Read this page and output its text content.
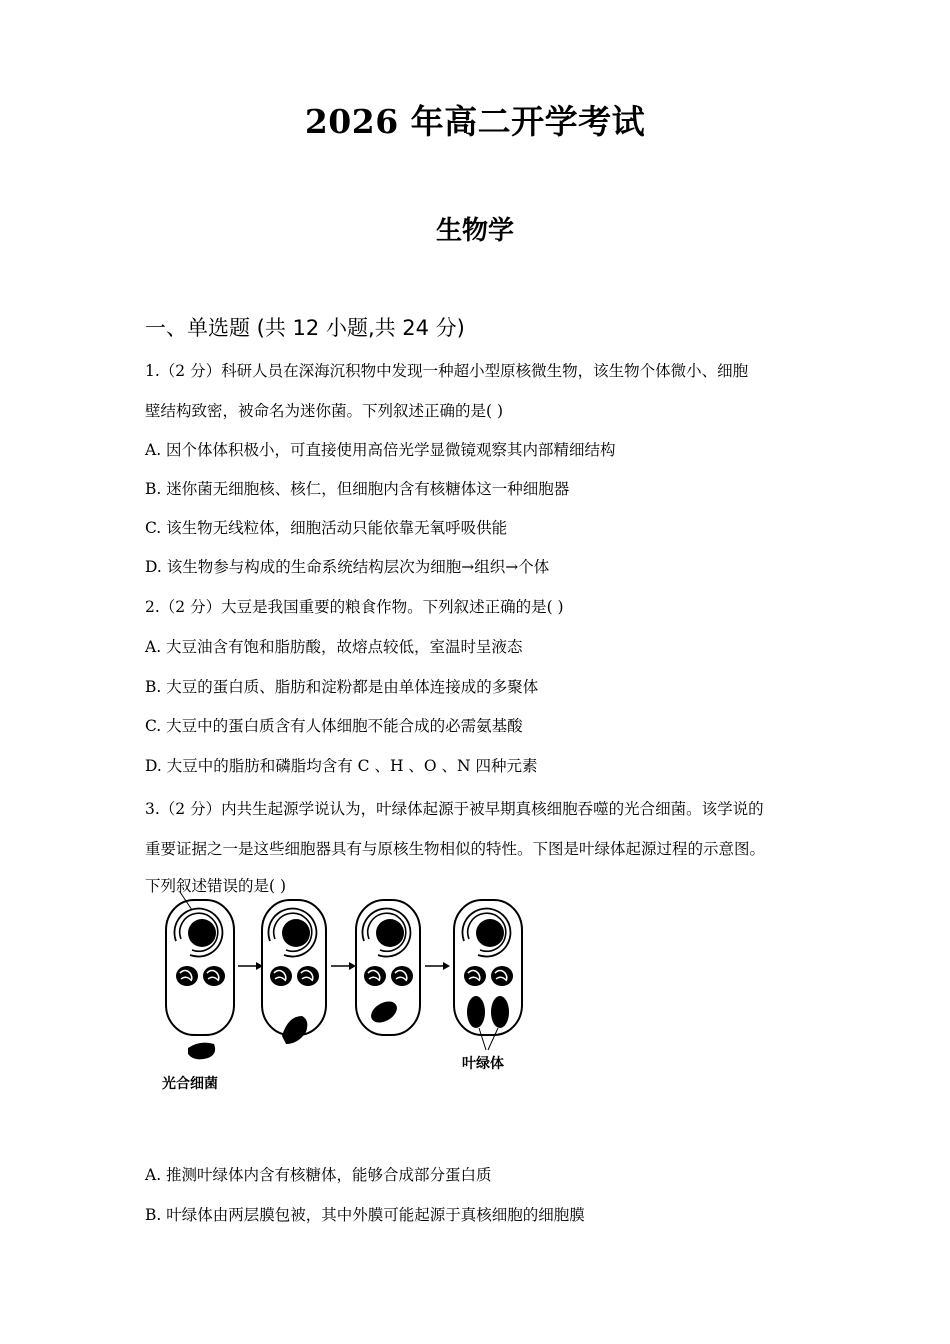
2026 年高二开学考试
生物学
一、单选题 (共 12 小题,共 24 分)
1.（2 分）科研人员在深海沉积物中发现一种超小型原核微生物，该生物个体微小、细胞
壁结构致密，被命名为迷你菌。下列叙述正确的是( )
A. 因个体体积极小，可直接使用高倍光学显微镜观察其内部精细结构
B. 迷你菌无细胞核、核仁，但细胞内含有核糖体这一种细胞器
C. 该生物无线粒体，细胞活动只能依靠无氧呼吸供能
D. 该生物参与构成的生命系统结构层次为细胞→组织→个体
2.（2 分）大豆是我国重要的粮食作物。下列叙述正确的是( )
A. 大豆油含有饱和脂肪酸，故熔点较低，室温时呈液态
B. 大豆的蛋白质、脂肪和淀粉都是由单体连接成的多聚体
C. 大豆中的蛋白质含有人体细胞不能合成的必需氨基酸
D. 大豆中的脂肪和磷脂均含有 C 、H 、O 、N 四种元素
3.（2 分）内共生起源学说认为，叶绿体起源于被早期真核细胞吞噬的光合细菌。该学说的
重要证据之一是这些细胞器具有与原核生物相似的特性。下图是叶绿体起源过程的示意图。
下列叙述错误的是( )
光合细菌
叶绿体
A. 推测叶绿体内含有核糖体，能够合成部分蛋白质
B. 叶绿体由两层膜包被，其中外膜可能起源于真核细胞的细胞膜
